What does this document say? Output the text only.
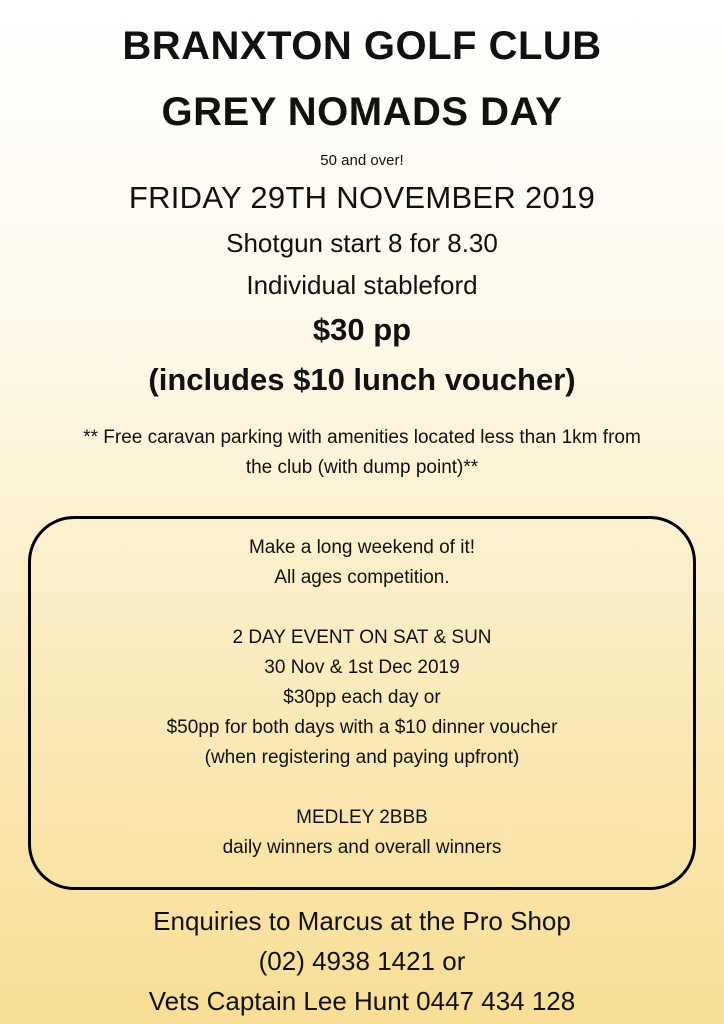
BRANXTON GOLF CLUB
GREY NOMADS DAY
50 and over!
FRIDAY 29TH NOVEMBER 2019
Shotgun start 8 for 8.30
Individual stableford
$30 pp
(includes $10 lunch voucher)
** Free caravan parking with amenities located less than 1km from
the club (with dump point)**
Make a long weekend of it!
All ages competition.
2 DAY EVENT ON SAT & SUN
30 Nov & 1st Dec 2019
$30pp each day or
$50pp for both days with a $10 dinner voucher
(when registering and paying upfront)
MEDLEY 2BBB
daily winners and overall winners
Enquiries to Marcus at the Pro Shop
(02) 4938 1421 or
Vets Captain Lee Hunt 0447 434 128
